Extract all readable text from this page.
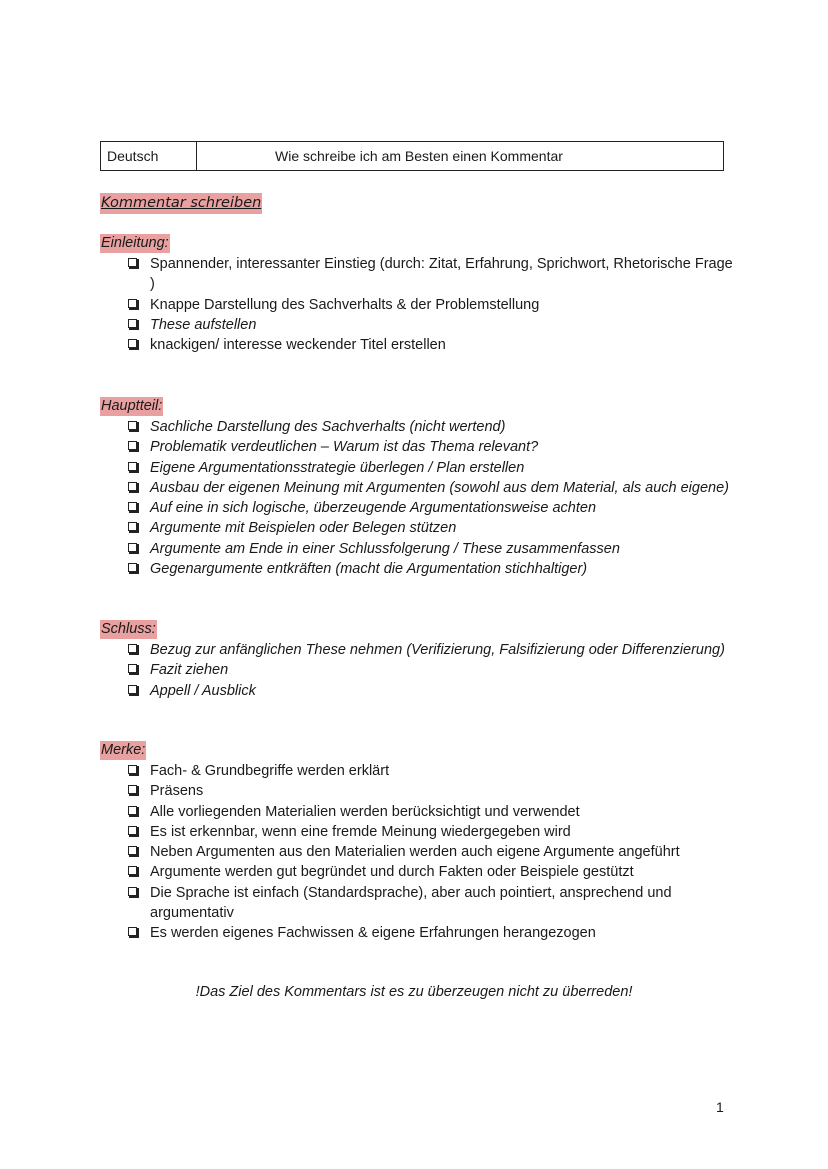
Deutsch	Wie schreibe ich am Besten einen Kommentar
Kommentar schreiben
Einleitung:
Spannender, interessanter Einstieg (durch: Zitat, Erfahrung, Sprichwort, Rhetorische Frage )
Knappe Darstellung des Sachverhalts & der Problemstellung
These aufstellen
knackigen/ interesse weckender Titel erstellen
Hauptteil:
Sachliche Darstellung des Sachverhalts (nicht wertend)
Problematik verdeutlichen – Warum ist das Thema relevant?
Eigene Argumentationsstrategie überlegen / Plan erstellen
Ausbau der eigenen Meinung mit Argumenten (sowohl aus dem Material, als auch eigene)
Auf eine in sich logische, überzeugende Argumentationsweise achten
Argumente mit Beispielen oder Belegen stützen
Argumente am Ende in einer Schlussfolgerung / These zusammenfassen
Gegenargumente entkräften (macht die Argumentation stichhaltiger)
Schluss:
Bezug zur anfänglichen These nehmen (Verifizierung, Falsifizierung oder Differenzierung)
Fazit ziehen
Appell / Ausblick
Merke:
Fach- & Grundbegriffe werden erklärt
Präsens
Alle vorliegenden Materialien werden berücksichtigt und verwendet
Es ist erkennbar, wenn eine fremde Meinung wiedergegeben wird
Neben Argumenten aus den Materialien werden auch eigene Argumente angeführt
Argumente werden gut begründet und durch Fakten oder Beispiele gestützt
Die Sprache ist einfach (Standardsprache), aber auch pointiert, ansprechend und argumentativ
Es werden eigenes Fachwissen & eigene Erfahrungen herangezogen
!Das Ziel des Kommentars ist es zu überzeugen nicht zu überreden!
1
